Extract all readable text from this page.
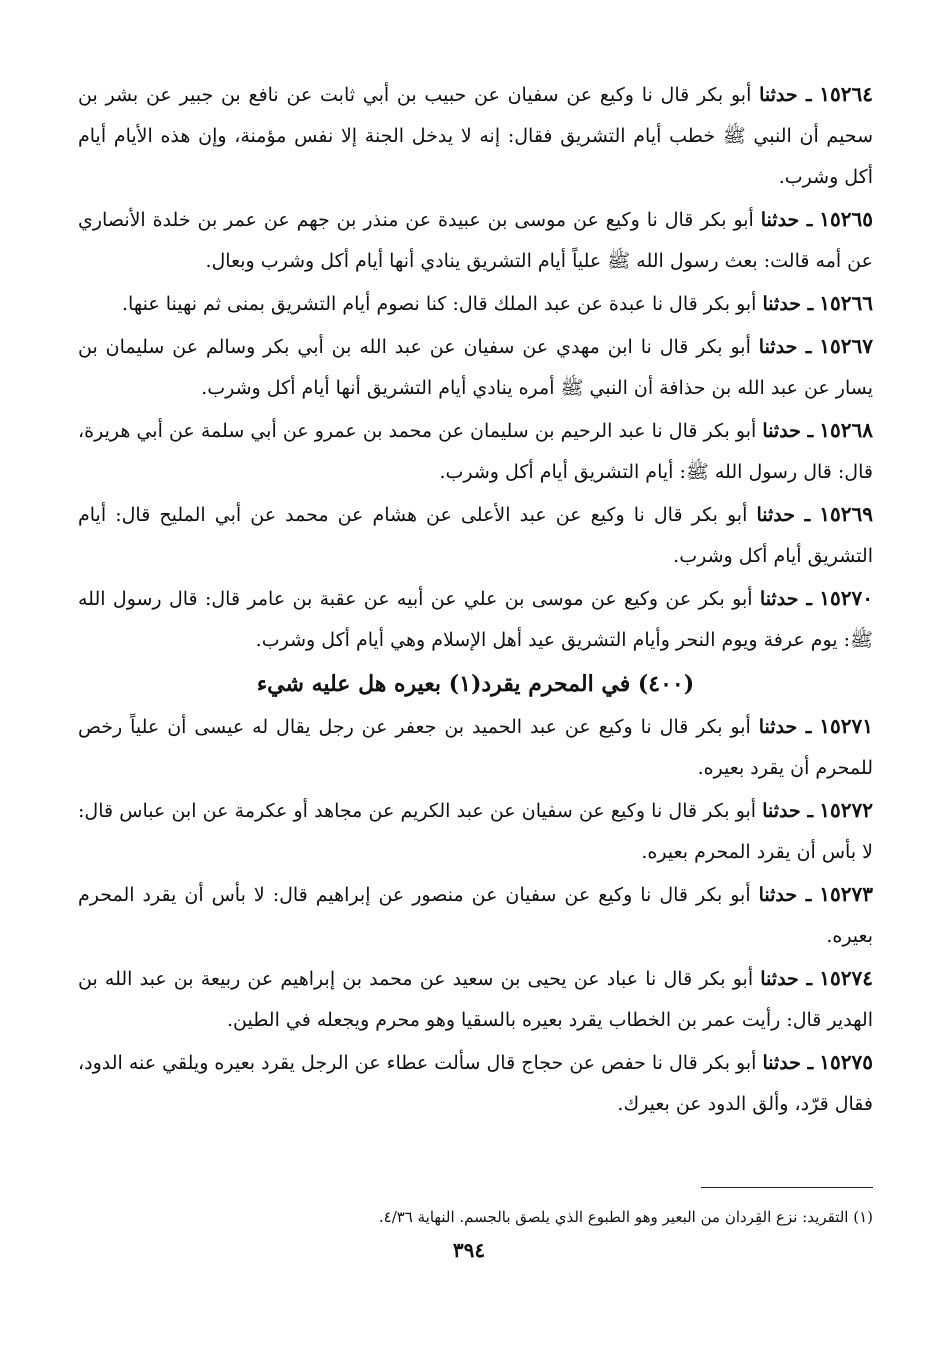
١٥٢٦٤ ـ حدثنا أبو بكر قال نا وكيع عن سفيان عن حبيب بن أبي ثابت عن نافع بن جبير عن بشر بن سحيم أن النبي ﷺ خطب أيام التشريق فقال: إنه لا يدخل الجنة إلا نفس مؤمنة، وإن هذه الأيام أيام أكل وشرب.

١٥٢٦٥ ـ حدثنا أبو بكر قال نا وكيع عن موسى بن عبيدة عن منذر بن جهم عن عمر بن خلدة الأنصاري عن أمه قالت: بعث رسول الله ﷺ علياً أيام التشريق ينادي أنها أيام أكل وشرب وبعال.

١٥٢٦٦ ـ حدثنا أبو بكر قال نا عبدة عن عبد الملك قال: كنا نصوم أيام التشريق بمنى ثم نهينا عنها.

١٥٢٦٧ ـ حدثنا أبو بكر قال نا ابن مهدي عن سفيان عن عبد الله بن أبي بكر وسالم عن سليمان بن يسار عن عبد الله بن حذافة أن النبي ﷺ أمره ينادي أيام التشريق أنها أيام أكل وشرب.

١٥٢٦٨ ـ حدثنا أبو بكر قال نا عبد الرحيم بن سليمان عن محمد بن عمرو عن أبي سلمة عن أبي هريرة، قال: قال رسول الله ﷺ: أيام التشريق أيام أكل وشرب.

١٥٢٦٩ ـ حدثنا أبو بكر قال نا وكيع عن عبد الأعلى عن هشام عن محمد عن أبي المليح قال: أيام التشريق أيام أكل وشرب.

١٥٢٧٠ ـ حدثنا أبو بكر عن وكيع عن موسى بن علي عن أبيه عن عقبة بن عامر قال: قال رسول الله ﷺ: يوم عرفة ويوم النحر وأيام التشريق عيد أهل الإسلام وهي أيام أكل وشرب.

(٤٠٠) في المحرم يقرد(١) بعيره هل عليه شيء

١٥٢٧١ ـ حدثنا أبو بكر قال نا وكيع عن عبد الحميد بن جعفر عن رجل يقال له عيسى أن علياً رخص للمحرم أن يقرد بعيره.

١٥٢٧٢ ـ حدثنا أبو بكر قال نا وكيع عن سفيان عن عبد الكريم عن مجاهد أو عكرمة عن ابن عباس قال: لا بأس أن يقرد المحرم بعيره.

١٥٢٧٣ ـ حدثنا أبو بكر قال نا وكيع عن سفيان عن منصور عن إبراهيم قال: لا بأس أن يقرد المحرم بعيره.

١٥٢٧٤ ـ حدثنا أبو بكر قال نا عباد عن يحيى بن سعيد عن محمد بن إبراهيم عن ربيعة بن عبد الله بن الهدير قال: رأيت عمر بن الخطاب يقرد بعيره بالسقيا وهو محرم ويجعله في الطين.

١٥٢٧٥ ـ حدثنا أبو بكر قال نا حفص عن حجاج قال سألت عطاء عن الرجل يقرد بعيره ويلقي عنه الدود، فقال قرّد، وألق الدود عن بعيرك.

(١) التقريد: نزع القِردان من البعير وهو الطبوع الذي يلصق بالجسم. النهاية ٤/٣٦.
٣٩٤
